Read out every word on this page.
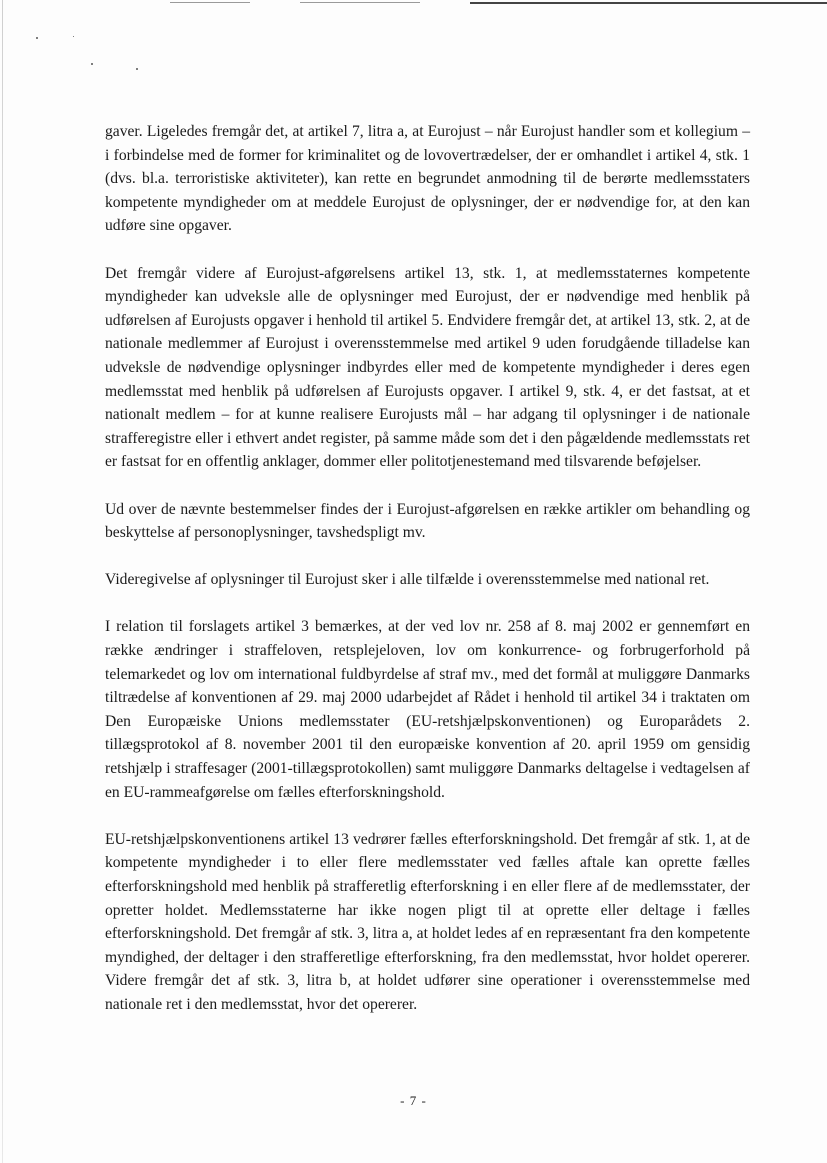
gaver. Ligeledes fremgår det, at artikel 7, litra a, at Eurojust – når Eurojust handler som et kollegium – i forbindelse med de former for kriminalitet og de lovovertrædelser, der er omhandlet i artikel 4, stk. 1 (dvs. bl.a. terroristiske aktiviteter), kan rette en begrundet anmodning til de berørte medlemsstaters kompetente myndigheder om at meddele Eurojust de oplysninger, der er nødvendige for, at den kan udføre sine opgaver.

Det fremgår videre af Eurojust-afgørelsens artikel 13, stk. 1, at medlemsstaternes kompetente myndigheder kan udveksle alle de oplysninger med Eurojust, der er nødvendige med henblik på udførelsen af Eurojusts opgaver i henhold til artikel 5. Endvidere fremgår det, at artikel 13, stk. 2, at de nationale medlemmer af Eurojust i overensstemmelse med artikel 9 uden forudgående tilladelse kan udveksle de nødvendige oplysninger indbyrdes eller med de kompetente myndigheder i deres egen medlemsstat med henblik på udførelsen af Eurojusts opgaver. I artikel 9, stk. 4, er det fastsat, at et nationalt medlem – for at kunne realisere Eurojusts mål – har adgang til oplysninger i de nationale strafferegistre eller i ethvert andet register, på samme måde som det i den pågældende medlemsstats ret er fastsat for en offentlig anklager, dommer eller politotjenestemand med tilsvarende beføjelser.

Ud over de nævnte bestemmelser findes der i Eurojust-afgørelsen en række artikler om behandling og beskyttelse af personoplysninger, tavshedspligt mv.

Videregivelse af oplysninger til Eurojust sker i alle tilfælde i overensstemmelse med national ret.

I relation til forslagets artikel 3 bemærkes, at der ved lov nr. 258 af 8. maj 2002 er gennemført en række ændringer i straffeloven, retsplejeloven, lov om konkurrence- og forbrugerforhold på telemarkedet og lov om international fuldbyrdelse af straf mv., med det formål at muliggøre Danmarks tiltrædelse af konventionen af 29. maj 2000 udarbejdet af Rådet i henhold til artikel 34 i traktaten om Den Europæiske Unions medlemsstater (EU-retshjælpskonventionen) og Europarådets 2. tillægsprotokol af 8. november 2001 til den europæiske konvention af 20. april 1959 om gensidig retshjælp i straffesager (2001-tillægsprotokollen) samt muliggøre Danmarks deltagelse i vedtagelsen af en EU-rammeafgørelse om fælles efterforskningshold.

EU-retshjælpskonventionens artikel 13 vedrører fælles efterforskningshold. Det fremgår af stk. 1, at de kompetente myndigheder i to eller flere medlemsstater ved fælles aftale kan oprette fælles efterforskningshold med henblik på strafferetlig efterforskning i en eller flere af de medlemsstater, der opretter holdet. Medlemsstaterne har ikke nogen pligt til at oprette eller deltage i fælles efterforskningshold. Det fremgår af stk. 3, litra a, at holdet ledes af en repræsentant fra den kompetente myndighed, der deltager i den strafferetlige efterforskning, fra den medlemsstat, hvor holdet opererer. Videre fremgår det af stk. 3, litra b, at holdet udfører sine operationer i overensstemmelse med nationale ret i den medlemsstat, hvor det opererer.

- 7 -
